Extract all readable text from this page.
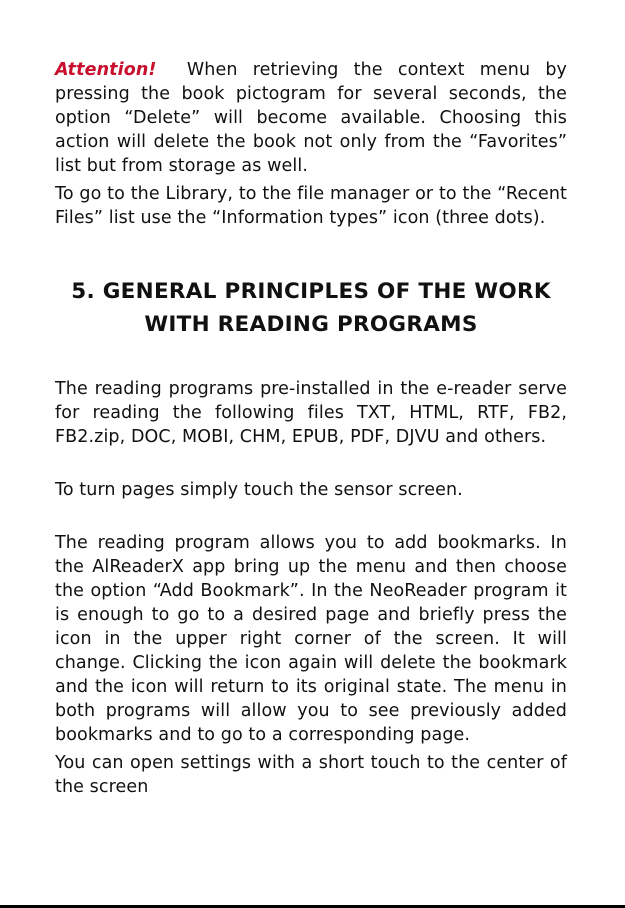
Attention! When retrieving the context menu by pressing the book pictogram for several seconds, the option “Delete” will become available. Choosing this action will delete the book not only from the “Favorites” list but from storage as well.

To go to the Library, to the file manager or to the “Recent Files” list use the “Information types” icon (three dots).

5. GENERAL PRINCIPLES OF THE WORK
WITH READING PROGRAMS

The reading programs pre-installed in the e-reader serve for reading the following files TXT, HTML, RTF, FB2, FB2.zip, DOC, MOBI, CHM, EPUB, PDF, DJVU and others.

To turn pages simply touch the sensor screen.

The reading program allows you to add bookmarks. In the AlReaderX app bring up the menu and then choose the option “Add Bookmark”. In the NeoReader program it is enough to go to a desired page and briefly press the icon in the upper right corner of the screen. It will change. Clicking the icon again will delete the bookmark and the icon will return to its original state. The menu in both programs will allow you to see previously added bookmarks and to go to a corresponding page.

You can open settings with a short touch to the center of the screen
